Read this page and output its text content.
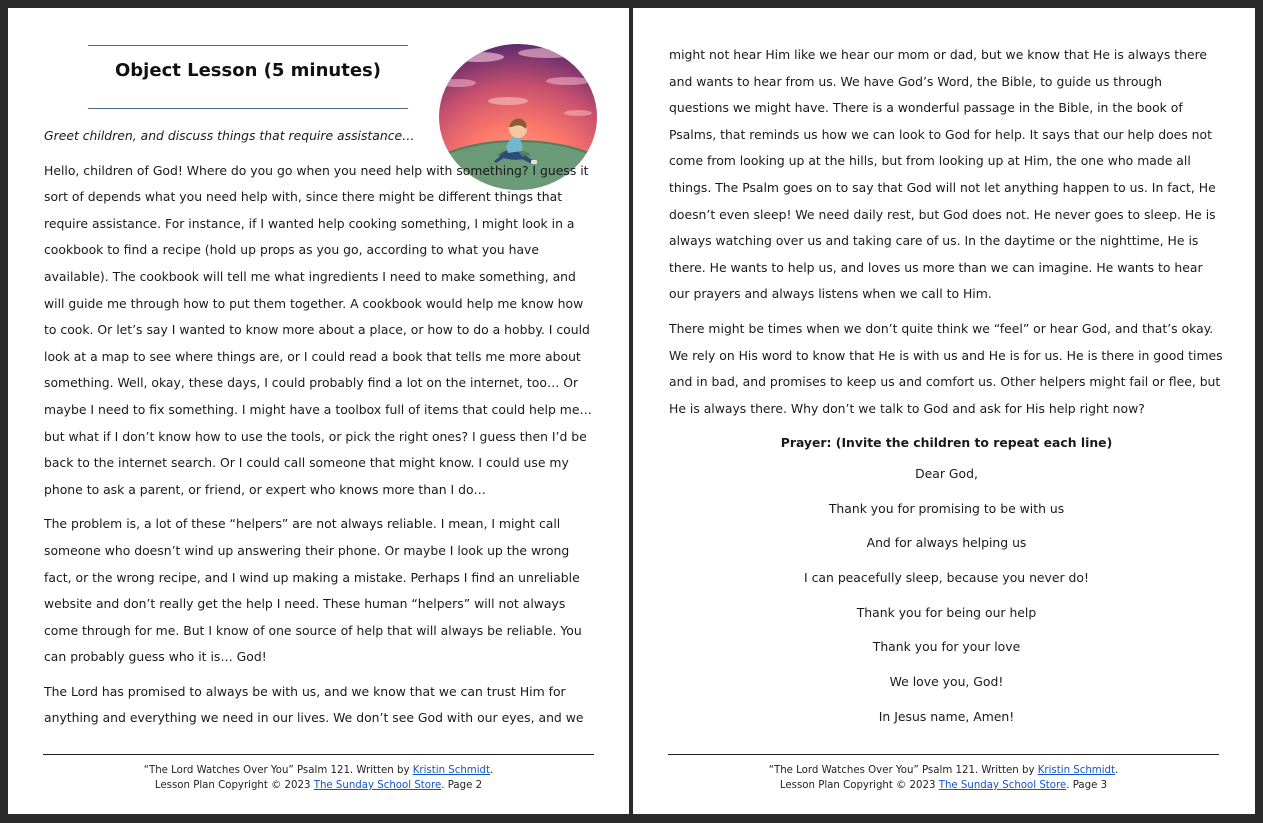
Object Lesson (5 minutes)

Greet children, and discuss things that require assistance…

Hello, children of God! Where do you go when you need help with something? I guess it sort of depends what you need help with, since there might be different things that require assistance. For instance, if I wanted help cooking something, I might look in a cookbook to find a recipe (hold up props as you go, according to what you have available). The cookbook will tell me what ingredients I need to make something, and will guide me through how to put them together. A cookbook would help me know how to cook. Or let’s say I wanted to know more about a place, or how to do a hobby. I could look at a map to see where things are, or I could read a book that tells me more about something. Well, okay, these days, I could probably find a lot on the internet, too… Or maybe I need to fix something. I might have a toolbox full of items that could help me…but what if I don’t know how to use the tools, or pick the right ones? I guess then I’d be back to the internet search. Or I could call someone that might know. I could use my phone to ask a parent, or friend, or expert who knows more than I do…

The problem is, a lot of these “helpers” are not always reliable. I mean, I might call someone who doesn’t wind up answering their phone. Or maybe I look up the wrong fact, or the wrong recipe, and I wind up making a mistake. Perhaps I find an unreliable website and don’t really get the help I need. These human “helpers” will not always come through for me. But I know of one source of help that will always be reliable. You can probably guess who it is… God!

The Lord has promised to always be with us, and we know that we can trust Him for anything and everything we need in our lives. We don’t see God with our eyes, and we

“The Lord Watches Over You” Psalm 121. Written by Kristin Schmidt.
Lesson Plan Copyright © 2023 The Sunday School Store. Page 2

might not hear Him like we hear our mom or dad, but we know that He is always there and wants to hear from us. We have God’s Word, the Bible, to guide us through questions we might have. There is a wonderful passage in the Bible, in the book of Psalms, that reminds us how we can look to God for help. It says that our help does not come from looking up at the hills, but from looking up at Him, the one who made all things. The Psalm goes on to say that God will not let anything happen to us. In fact, He doesn’t even sleep! We need daily rest, but God does not. He never goes to sleep. He is always watching over us and taking care of us. In the daytime or the nighttime, He is there. He wants to help us, and loves us more than we can imagine. He wants to hear our prayers and always listens when we call to Him.

There might be times when we don’t quite think we “feel” or hear God, and that’s okay. We rely on His word to know that He is with us and He is for us. He is there in good times and in bad, and promises to keep us and comfort us. Other helpers might fail or flee, but He is always there. Why don’t we talk to God and ask for His help right now?

Prayer: (Invite the children to repeat each line)

Dear God,

Thank you for promising to be with us

And for always helping us

I can peacefully sleep, because you never do!

Thank you for being our help

Thank you for your love

We love you, God!

In Jesus name, Amen!

“The Lord Watches Over You” Psalm 121. Written by Kristin Schmidt.
Lesson Plan Copyright © 2023 The Sunday School Store. Page 3
